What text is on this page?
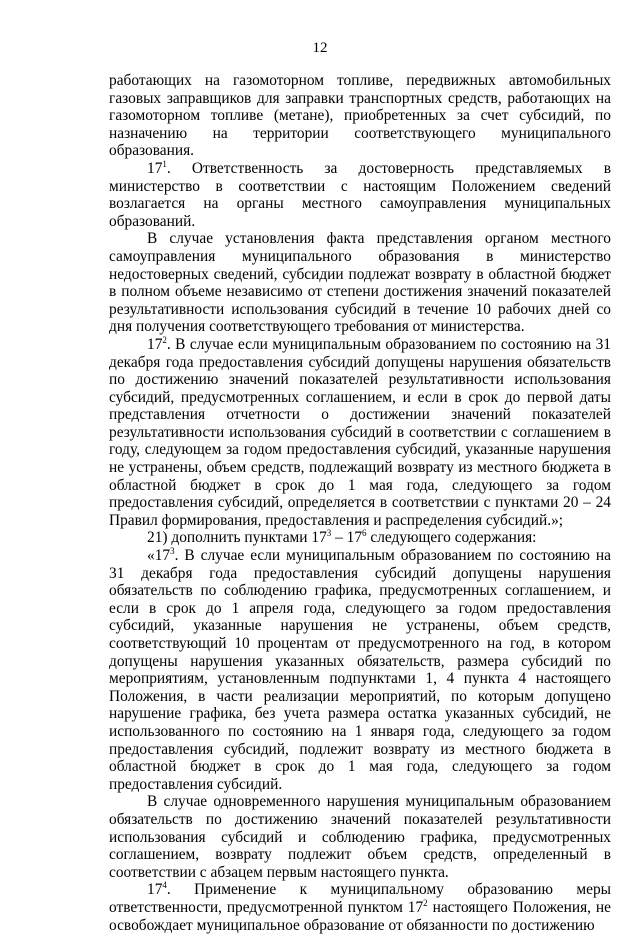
12

работающих на газомоторном топливе, передвижных автомобильных газовых заправщиков для заправки транспортных средств, работающих на газомоторном топливе (метане), приобретенных за счет субсидий, по назначению на территории соответствующего муниципального образования.

$17^1$. Ответственность за достоверность представляемых в министерство в соответствии с настоящим Положением сведений возлагается на органы местного самоуправления муниципальных образований.

В случае установления факта представления органом местного самоуправления муниципального образования в министерство недостоверных сведений, субсидии подлежат возврату в областной бюджет в полном объеме независимо от степени достижения значений показателей результативности использования субсидий в течение 10 рабочих дней со дня получения соответствующего требования от министерства.

$17^2$. В случае если муниципальным образованием по состоянию на 31 декабря года предоставления субсидий допущены нарушения обязательств по достижению значений показателей результативности использования субсидий, предусмотренных соглашением, и если в срок до первой даты представления отчетности о достижении значений показателей результативности использования субсидий в соответствии с соглашением в году, следующем за годом предоставления субсидий, указанные нарушения не устранены, объем средств, подлежащий возврату из местного бюджета в областной бюджет в срок до 1 мая года, следующего за годом предоставления субсидий, определяется в соответствии с пунктами 20 – 24 Правил формирования, предоставления и распределения субсидий.»;

21) дополнить пунктами $17^3 - 17^6$ следующего содержания:

«$17^3$. В случае если муниципальным образованием по состоянию на 31 декабря года предоставления субсидий допущены нарушения обязательств по соблюдению графика, предусмотренных соглашением, и если в срок до 1 апреля года, следующего за годом предоставления субсидий, указанные нарушения не устранены, объем средств, соответствующий 10 процентам от предусмотренного на год, в котором допущены нарушения указанных обязательств, размера субсидий по мероприятиям, установленным подпунктами 1, 4 пункта 4 настоящего Положения, в части реализации мероприятий, по которым допущено нарушение графика, без учета размера остатка указанных субсидий, не использованного по состоянию на 1 января года, следующего за годом предоставления субсидий, подлежит возврату из местного бюджета в областной бюджет в срок до 1 мая года, следующего за годом предоставления субсидий.

В случае одновременного нарушения муниципальным образованием обязательств по достижению значений показателей результативности использования субсидий и соблюдению графика, предусмотренных соглашением, возврату подлежит объем средств, определенный в соответствии с абзацем первым настоящего пункта.

$17^4$. Применение к муниципальному образованию меры ответственности, предусмотренной пунктом $17^2$ настоящего Положения, не освобождает муниципальное образование от обязанности по достижению
